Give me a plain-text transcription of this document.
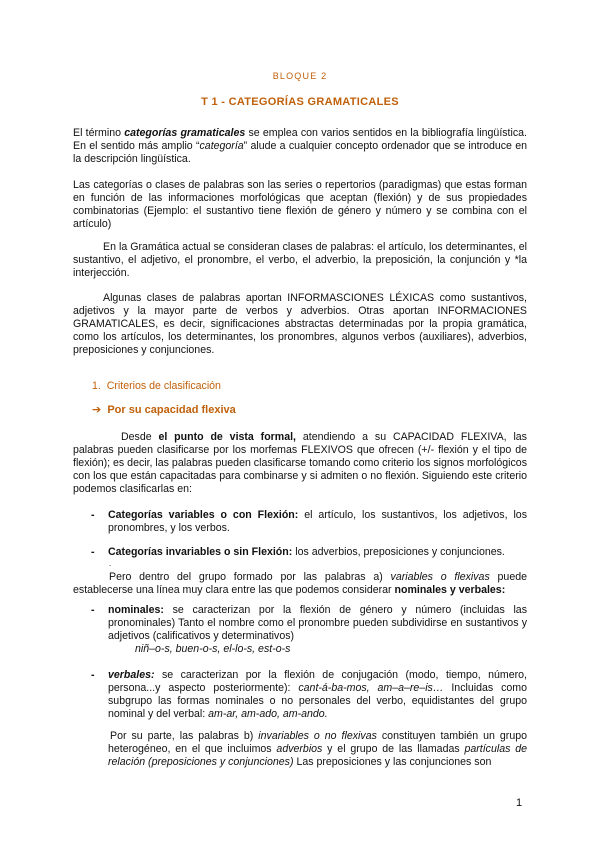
BLOQUE 2
T 1 - CATEGORÍAS GRAMATICALES
El término categorías gramaticales se emplea con varios sentidos en la bibliografía lingüística. En el sentido más amplio “categoría” alude a cualquier concepto ordenador que se introduce en la descripción lingüística.
Las categorías o clases de palabras son las series o repertorios (paradigmas) que estas forman en función de las informaciones morfológicas que aceptan (flexión) y de sus propiedades combinatorias (Ejemplo: el sustantivo tiene flexión de género y número y se combina con el artículo)
En la Gramática actual se consideran clases de palabras: el artículo, los determinantes, el sustantivo, el adjetivo, el pronombre, el verbo, el adverbio, la preposición, la conjunción y *la interjección.
Algunas clases de palabras aportan INFORMASCIONES LÉXICAS como sustantivos, adjetivos y la mayor parte de verbos y adverbios. Otras aportan INFORMACIONES GRAMATICALES, es decir, significaciones abstractas determinadas por la propia gramática, como los artículos, los determinantes, los pronombres, algunos verbos (auxiliares), adverbios, preposiciones y conjunciones.
1. Criterios de clasificación
➔ Por su capacidad flexiva
Desde el punto de vista formal, atendiendo a su CAPACIDAD FLEXIVA, las palabras pueden clasificarse por los morfemas FLEXIVOS que ofrecen (+/- flexión y el tipo de flexión); es decir, las palabras pueden clasificarse tomando como criterio los signos morfológicos con los que están capacitadas para combinarse y si admiten o no flexión. Siguiendo este criterio podemos clasificarlas en:
- Categorías variables o con Flexión: el artículo, los sustantivos, los adjetivos, los pronombres, y los verbos.
- Categorías invariables o sin Flexión: los adverbios, preposiciones y conjunciones.
.
Pero dentro del grupo formado por las palabras a) variables o flexivas puede establecerse una línea muy clara entre las que podemos considerar nominales y verbales:
- nominales: se caracterizan por la flexión de género y número (incluidas las pronominales) Tanto el nombre como el pronombre pueden subdividirse en sustantivos y adjetivos (calificativos y determinativos)
niñ–o-s, buen-o-s, el-lo-s, est-o-s
- verbales: se caracterizan por la flexión de conjugación (modo, tiempo, número, persona...y aspecto posteriormente): cant-á-ba-mos, am–a–re–is… Incluidas como subgrupo las formas nominales o no personales del verbo, equidistantes del grupo nominal y del verbal: am-ar, am-ado, am-ando.
Por su parte, las palabras b) invariables o no flexivas constituyen también un grupo heterogéneo, en el que incluimos adverbios y el grupo de las llamadas partículas de relación (preposiciones y conjunciones) Las preposiciones y las conjunciones son
1
